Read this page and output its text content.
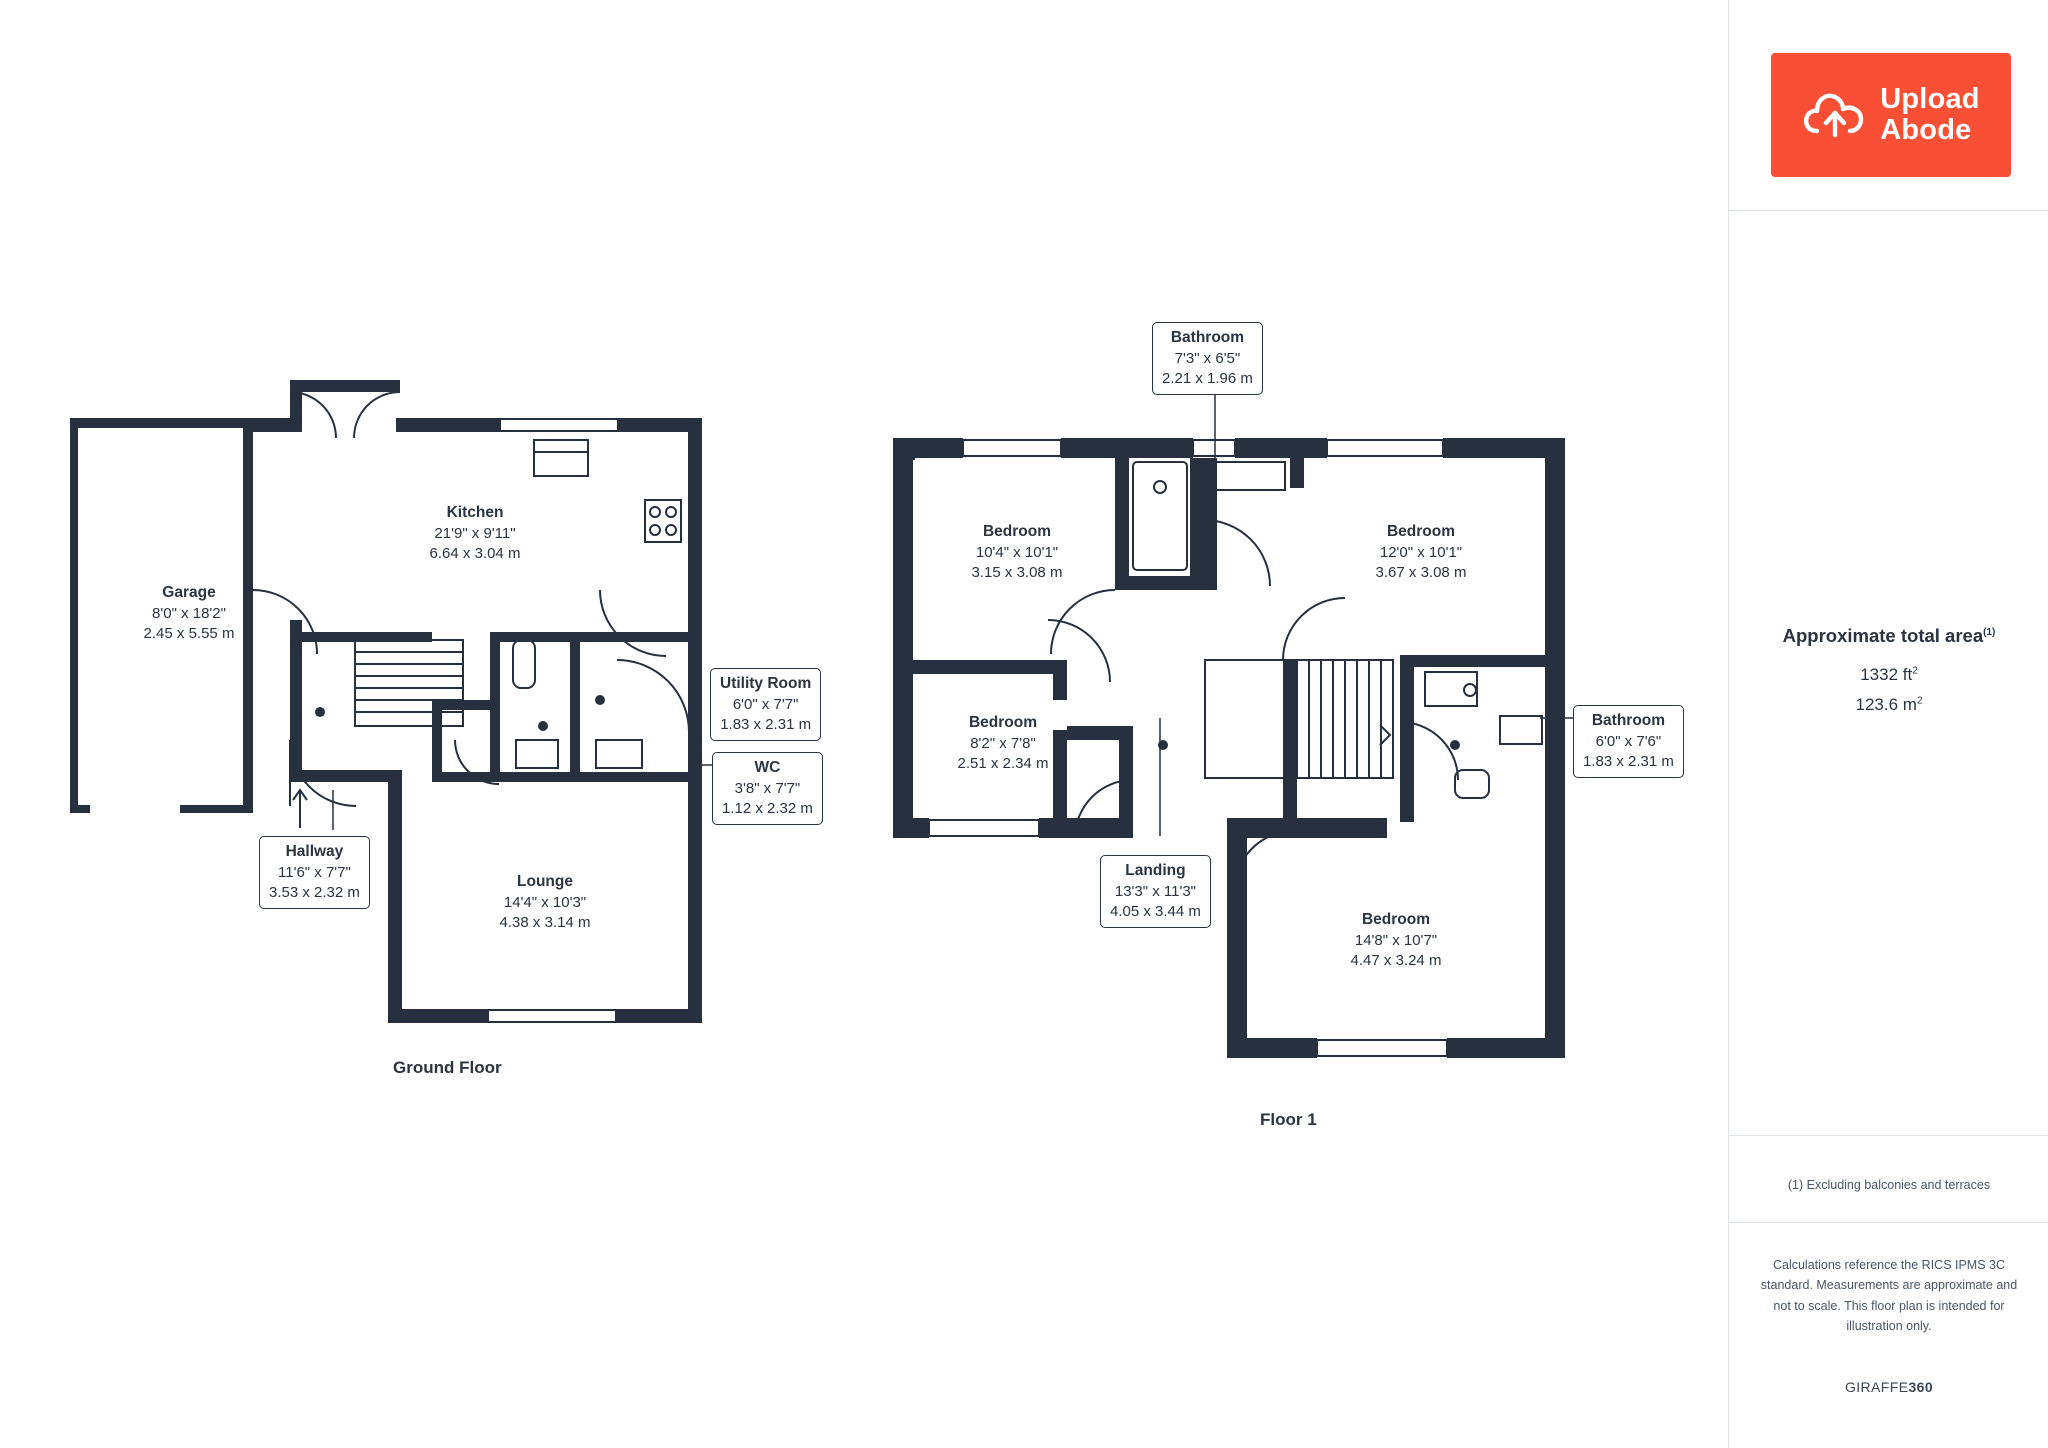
Garage
8'0" x 18'2"
2.45 x 5.55 m
Kitchen
21'9" x 9'11"
6.64 x 3.04 m
Utility Room
6'0" x 7'7"
1.83 x 2.31 m
WC
3'8" x 7'7"
1.12 x 2.32 m
Hallway
11'6" x 7'7"
3.53 x 2.32 m
Lounge
14'4" x 10'3"
4.38 x 3.14 m
Ground Floor
Bathroom
7'3" x 6'5"
2.21 x 1.96 m
Bedroom
10'4" x 10'1"
3.15 x 3.08 m
Bedroom
12'0" x 10'1"
3.67 x 3.08 m
Bedroom
8'2" x 7'8"
2.51 x 2.34 m
Bathroom
6'0" x 7'6"
1.83 x 2.31 m
Landing
13'3" x 11'3"
4.05 x 3.44 m	Bedroom
14'8" x 10'7"
4.47 x 3.24 m
Floor 1
Upload
Abode
Approximate total area$^{(1)}$
1332 $ft^2$
123.6 $m^2$
(1) Excluding balconies and terraces
Calculations reference the RICS IPMS 3C standard. Measurements are approximate and not to scale. This floor plan is intended for illustration only.
GIRAFFE360
